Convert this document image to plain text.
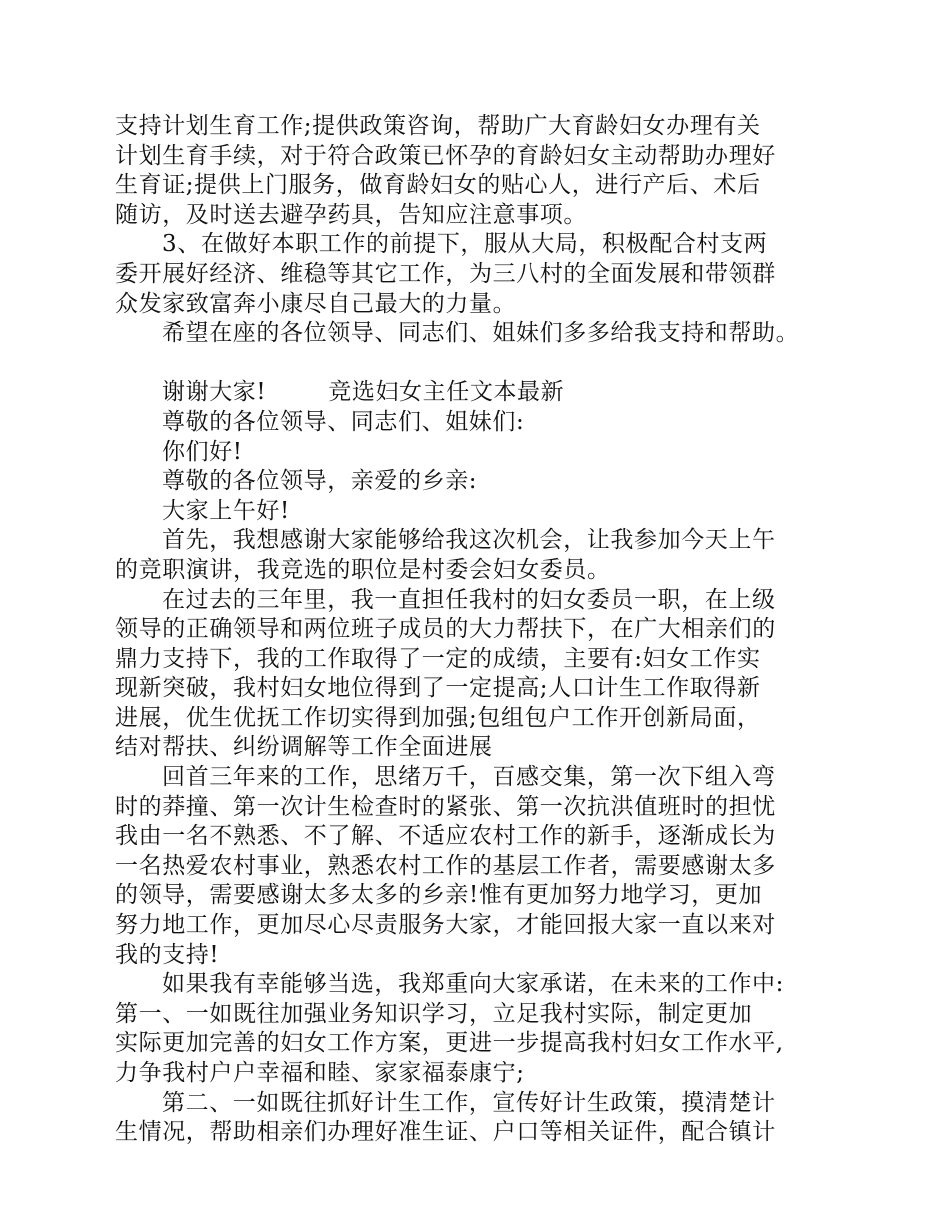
支持计划生育工作;提供政策咨询，帮助广大育龄妇女办理有关
计划生育手续，对于符合政策已怀孕的育龄妇女主动帮助办理好
生育证;提供上门服务，做育龄妇女的贴心人，进行产后、术后
随访，及时送去避孕药具，告知应注意事项。
3、在做好本职工作的前提下，服从大局，积极配合村支两
委开展好经济、维稳等其它工作，为三八村的全面发展和带领群
众发家致富奔小康尽自己最大的力量。
希望在座的各位领导、同志们、姐妹们多多给我支持和帮助。
谢谢大家!	竞选妇女主任文本最新
尊敬的各位领导、同志们、姐妹们:
你们好!
尊敬的各位领导，亲爱的乡亲:
大家上午好!
首先，我想感谢大家能够给我这次机会，让我参加今天上午
的竞职演讲，我竞选的职位是村委会妇女委员。
在过去的三年里，我一直担任我村的妇女委员一职，在上级
领导的正确领导和两位班子成员的大力帮扶下，在广大相亲们的
鼎力支持下，我的工作取得了一定的成绩，主要有:妇女工作实
现新突破，我村妇女地位得到了一定提高;人口计生工作取得新
进展，优生优抚工作切实得到加强;包组包户工作开创新局面，
结对帮扶、纠纷调解等工作全面进展
回首三年来的工作，思绪万千，百感交集，第一次下组入弯
时的莽撞、第一次计生检查时的紧张、第一次抗洪值班时的担忧
我由一名不熟悉、不了解、不适应农村工作的新手，逐渐成长为
一名热爱农村事业，熟悉农村工作的基层工作者，需要感谢太多
的领导，需要感谢太多太多的乡亲!惟有更加努力地学习，更加
努力地工作，更加尽心尽责服务大家，才能回报大家一直以来对
我的支持!
如果我有幸能够当选，我郑重向大家承诺，在未来的工作中:
第一、一如既往加强业务知识学习，立足我村实际，制定更加
实际更加完善的妇女工作方案，更进一步提高我村妇女工作水平,
力争我村户户幸福和睦、家家福泰康宁;
第二、一如既往抓好计生工作，宣传好计生政策，摸清楚计
生情况，帮助相亲们办理好准生证、户口等相关证件，配合镇计
